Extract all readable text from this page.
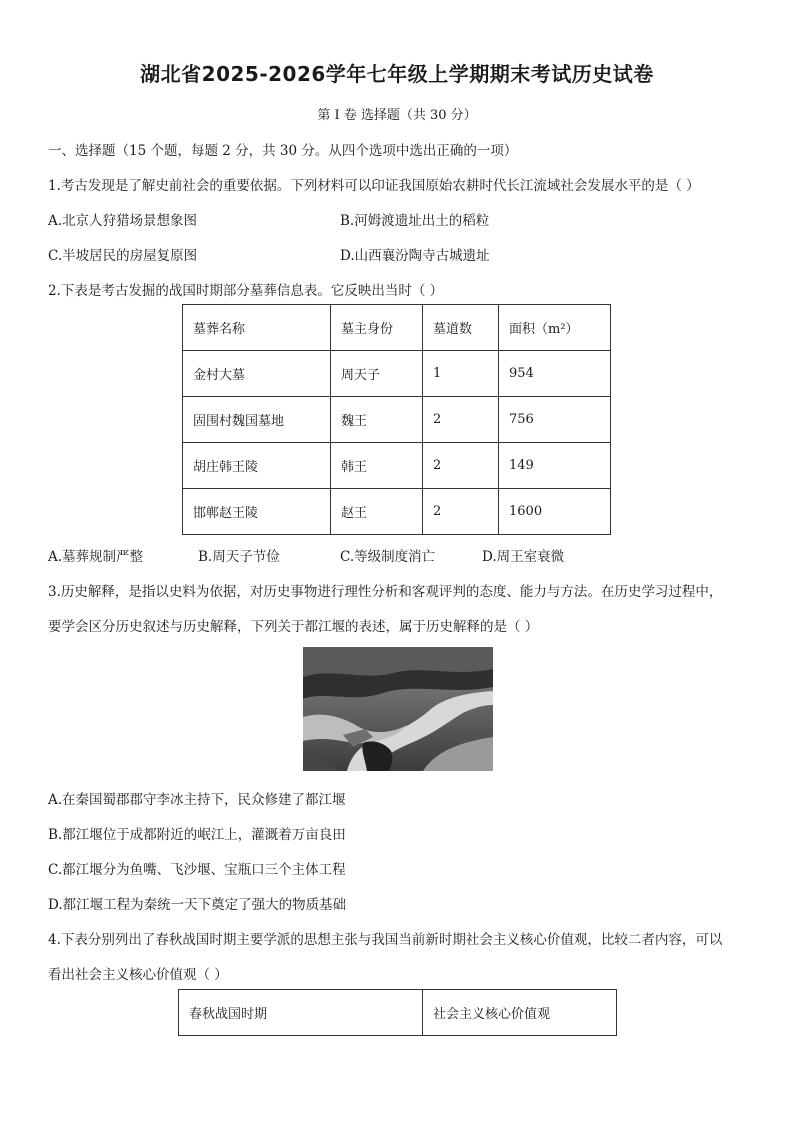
湖北省2025-2026学年七年级上学期期末考试历史试卷
第 I 卷 选择题（共 30 分）
一、选择题（15 个题，每题 2 分，共 30 分。从四个选项中选出正确的一项）
1.考古发现是了解史前社会的重要依据。下列材料可以印证我国原始农耕时代长江流域社会发展水平的是（ ）
A.北京人狩猎场景想象图	B.河姆渡遗址出土的稻粒
C.半坡居民的房屋复原图	D.山西襄汾陶寺古城遗址
2.下表是考古发掘的战国时期部分墓葬信息表。它反映出当时（ ）
墓葬名称	墓主身份	墓道数	面积（m²）
金村大墓	周天子	1	954
固围村魏国墓地	魏王	2	756
胡庄韩王陵	韩王	2	149
邯郸赵王陵	赵王	2	1600
A.墓葬规制严整	B.周天子节俭	C.等级制度消亡	D.周王室衰微
3.历史解释，是指以史料为依据，对历史事物进行理性分析和客观评判的态度、能力与方法。在历史学习过程中，
要学会区分历史叙述与历史解释，下列关于都江堰的表述，属于历史解释的是（ ）
A.在秦国蜀郡郡守李冰主持下，民众修建了都江堰
B.都江堰位于成都附近的岷江上，灌溉着万亩良田
C.都江堰分为鱼嘴、飞沙堰、宝瓶口三个主体工程
D.都江堰工程为秦统一天下奠定了强大的物质基础
4.下表分别列出了春秋战国时期主要学派的思想主张与我国当前新时期社会主义核心价值观，比较二者内容，可以
看出社会主义核心价值观（ ）
春秋战国时期	社会主义核心价值观
